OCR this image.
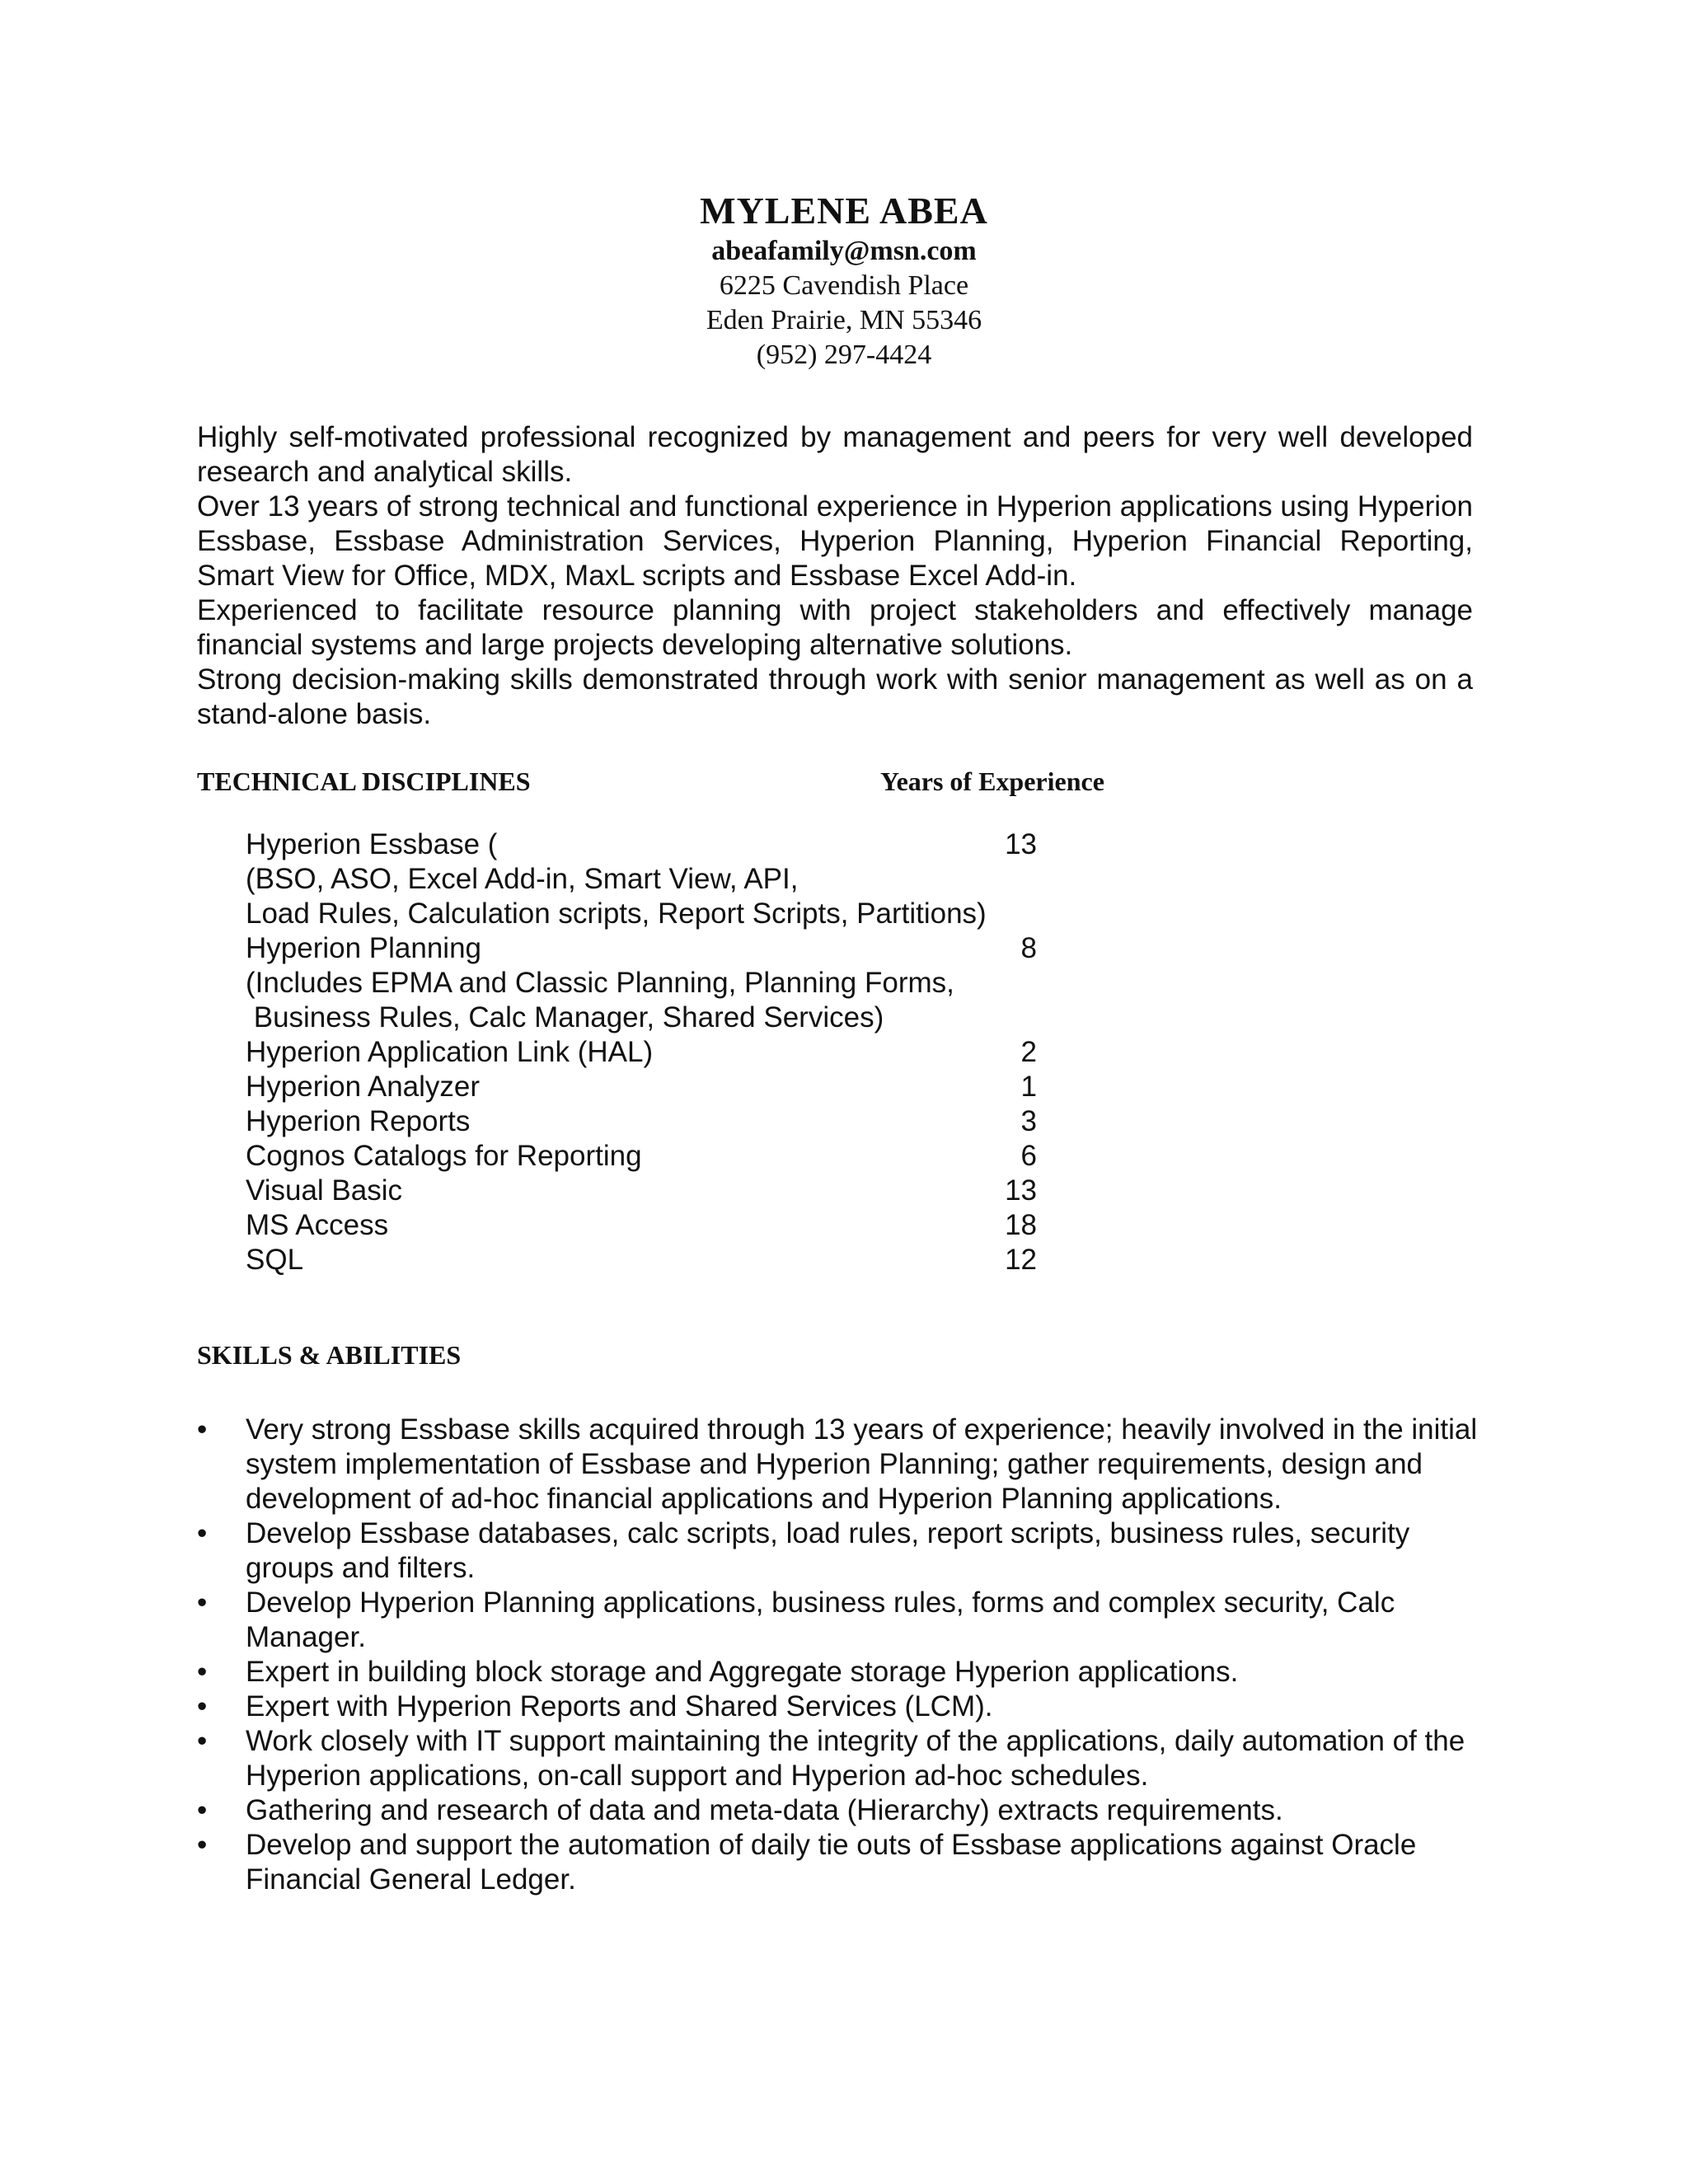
MYLENE ABEA
abeafamily@msn.com
6225 Cavendish Place
Eden Prairie, MN 55346
(952) 297-4424

Highly self-motivated professional recognized by management and peers for very well developed research and analytical skills.

Over 13 years of strong technical and functional experience in Hyperion applications using Hyperion Essbase, Essbase Administration Services, Hyperion Planning, Hyperion Financial Reporting, Smart View for Office, MDX, MaxL scripts and Essbase Excel Add-in.

Experienced to facilitate resource planning with project stakeholders and effectively manage financial systems and large projects developing alternative solutions.

Strong decision-making skills demonstrated through work with senior management as well as on a stand-alone basis.

TECHNICAL DISCIPLINES	Years of Experience
Hyperion Essbase (	13
(BSO, ASO, Excel Add-in, Smart View, API,
Load Rules, Calculation scripts, Report Scripts, Partitions)
Hyperion Planning	8
(Includes EPMA and Classic Planning, Planning Forms,
Business Rules, Calc Manager, Shared Services)
Hyperion Application Link (HAL)	2
Hyperion Analyzer	1
Hyperion Reports	3
Cognos Catalogs for Reporting	6
Visual Basic	13
MS Access	18
SQL	12
SKILLS & ABILITIES
• Very strong Essbase skills acquired through 13 years of experience; heavily involved in the initial system implementation of Essbase and Hyperion Planning; gather requirements, design and development of ad-hoc financial applications and Hyperion Planning applications.
• Develop Essbase databases, calc scripts, load rules, report scripts, business rules, security groups and filters.
• Develop Hyperion Planning applications, business rules, forms and complex security, Calc Manager.
• Expert in building block storage and Aggregate storage Hyperion applications.
• Expert with Hyperion Reports and Shared Services (LCM).
• Work closely with IT support maintaining the integrity of the applications, daily automation of the Hyperion applications, on-call support and Hyperion ad-hoc schedules.
• Gathering and research of data and meta-data (Hierarchy) extracts requirements.
• Develop and support the automation of daily tie outs of Essbase applications against Oracle Financial General Ledger.
